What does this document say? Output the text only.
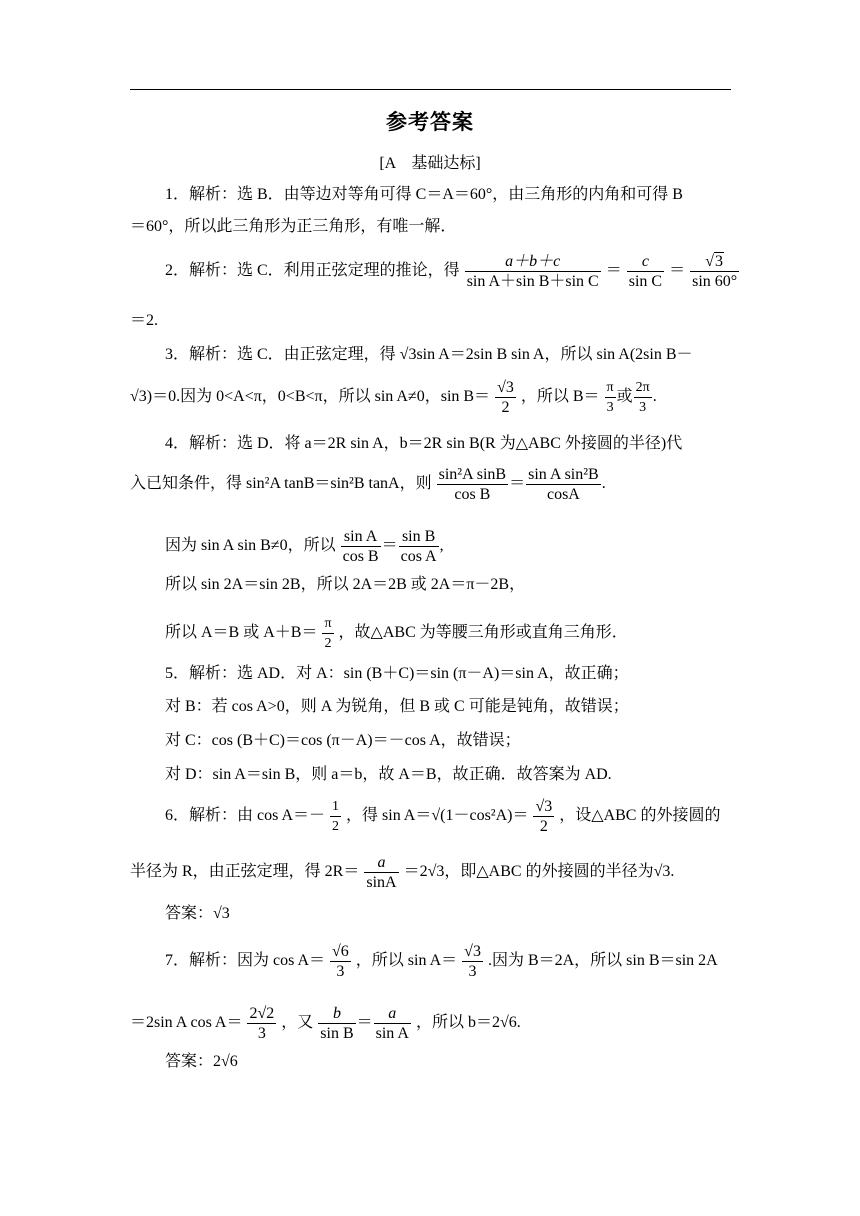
参考答案
[A　基础达标]
1．解析：选 B．由等边对等角可得 C＝A＝60°，由三角形的内角和可得 B
＝60°，所以此三角形为正三角形，有唯一解．
2．解析：选 C．利用正弦定理的推论，得 $\frac{a+b+c}{\text{sin A＋sin B＋sin C}} = \frac{c}{\text{sin C}} = \frac{√3}{\sin 60^\circ}$
＝2.
3．解析：选 C．由正弦定理，得 √3sin A＝2sin B sin A，所以 sin A(2sin B－
√3)＝0.因为 0<A<π，0<B<π，所以 sin A≠0，$\sin B= \frac{√3}{2}$ ，所以 $B= \frac{\pi}{3}$ 或 $\frac{2\pi}{3}$ .
4．解析：选 D．将 a＝2R sin A，b＝2R sin B(R 为△ABC 外接圆的半径)代
入已知条件，得 sin²A tanB＝sin²B tanA，则 $\frac{\text{sin²A sinB}}{\text{cos B}} = \frac{\text{sin A sin²B}}{\cos A}$ .
因为 sin A sin B≠0，所以 $\frac{\text{sin A}}{\text{cos B}} = \frac{\text{sin B}}{\text{cos A}}$ ,
所以 sin 2A＝sin 2B，所以 2A＝2B 或 2A＝π－2B，
所以 A＝B 或 $A+B= \frac{\pi}{2}$ ，故△ABC 为等腰三角形或直角三角形．
5．解析：选 AD．对 A：sin (B＋C)＝sin (π－A)＝sin A，故正确；
对 B：若 cos A>0，则 A 为锐角，但 B 或 C 可能是钝角，故错误；
对 C：cos (B＋C)＝cos (π－A)＝－cos A，故错误；
对 D：sin A＝sin B，则 a＝b，故 A＝B，故正确．故答案为 AD.
6．解析：由 $\cos A=- \frac{1}{2}$ ，得 $\sin A=√(1-\cos^2A)= \frac{√3}{2}$ ，设△ABC 的外接圆的
半径为 R，由正弦定理，得 $2R= \frac{a}{\sin A} =2√3$，即△ABC 的外接圆的半径为√3.
答案：√3
7．解析：因为 $\cos A= \frac{√6}{3}$ ，所以 $\sin A= \frac{√3}{3}$ .因为 B＝2A，所以 sin B＝sin 2A
＝2sin A $\cos A= \frac{2√2}{3}$ ，又 $\frac{b}{\text{sin B}} = \frac{a}{\text{sin A}}$ ，所以 b＝2√6.
答案：2√6
